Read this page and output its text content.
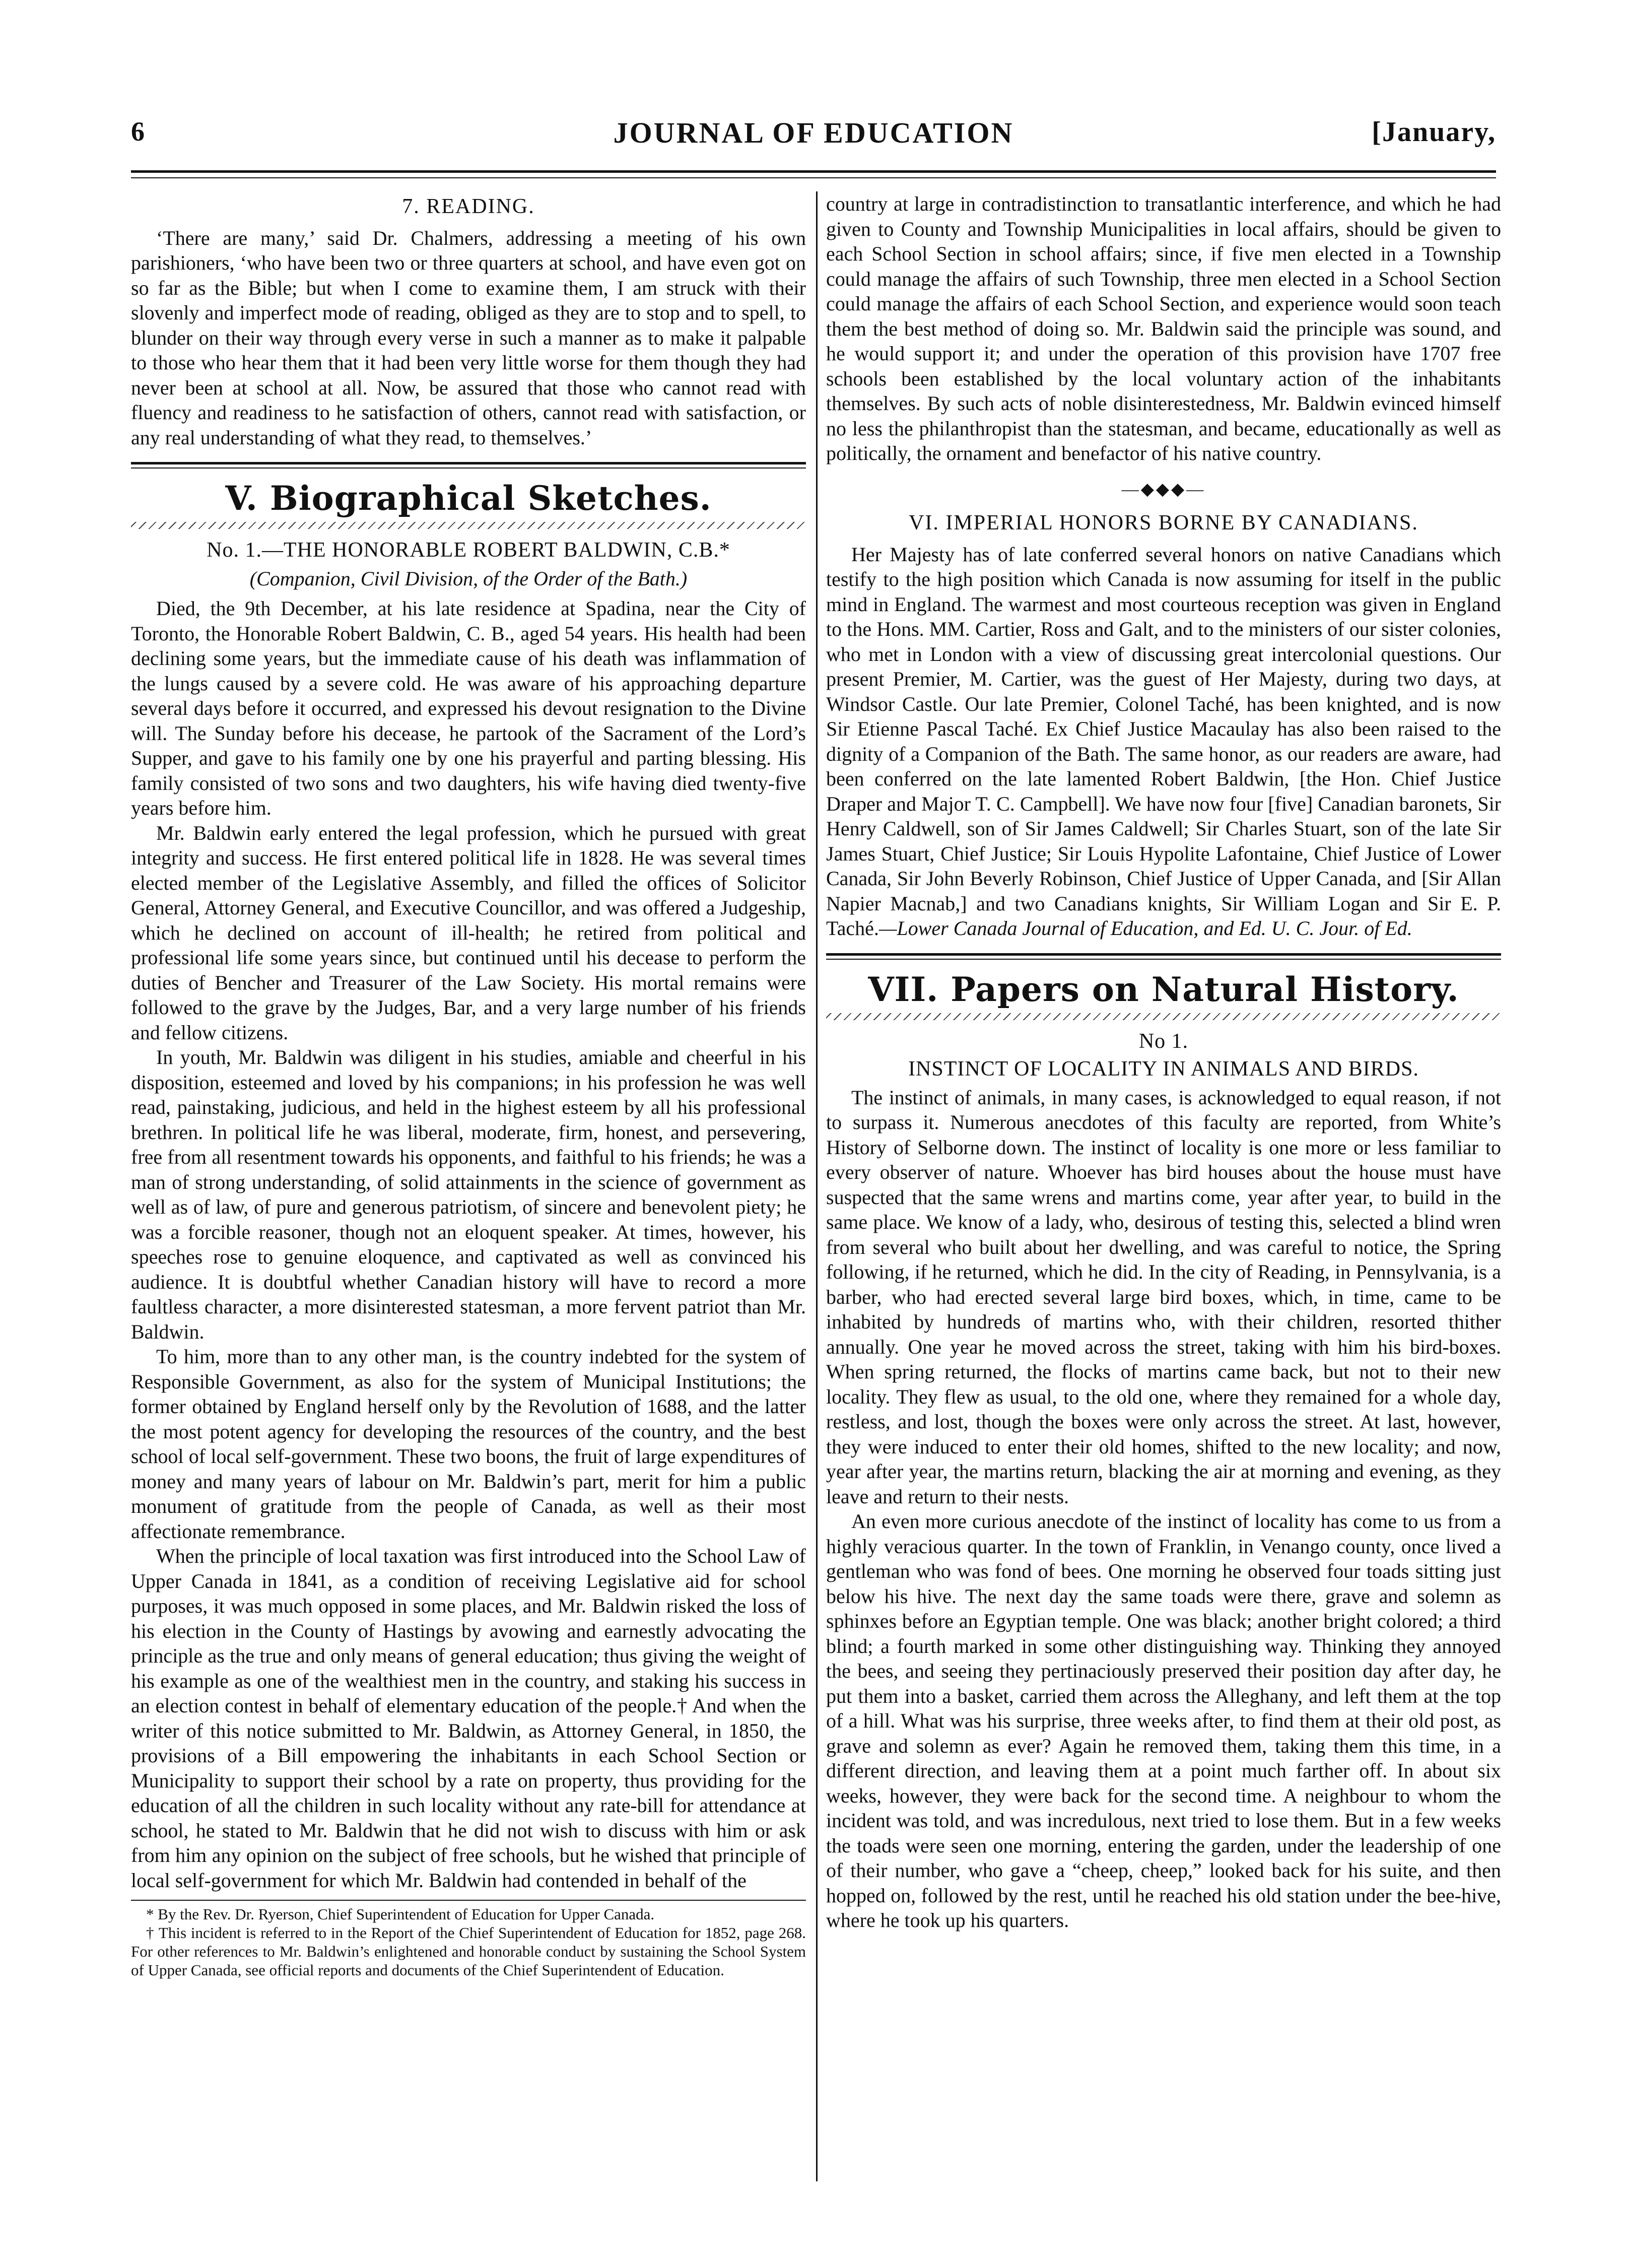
6	JOURNAL OF EDUCATION	[January,
7. READING.

‘There are many,’ said Dr. Chalmers, addressing a meeting of his own parishioners, ‘who have been two or three quarters at school, and have even got on so far as the Bible; but when I come to examine them, I am struck with their slovenly and imperfect mode of reading, obliged as they are to stop and to spell, to blunder on their way through every verse in such a manner as to make it palpable to those who hear them that it had been very little worse for them though they had never been at school at all. Now, be assured that those who cannot read with fluency and readiness to he satisfaction of others, cannot read with satisfaction, or any real understanding of what they read, to themselves.’

V. Biographical Sketches.
No. 1.—THE HONORABLE ROBERT BALDWIN, C.B.*
(Companion, Civil Division, of the Order of the Bath.)

Died, the 9th December, at his late residence at Spadina, near the City of Toronto, the Honorable Robert Baldwin, C. B., aged 54 years. His health had been declining some years, but the immediate cause of his death was inflammation of the lungs caused by a severe cold. He was aware of his approaching departure several days before it occurred, and expressed his devout resignation to the Divine will. The Sunday before his decease, he partook of the Sacrament of the Lord’s Supper, and gave to his family one by one his prayerful and parting blessing. His family consisted of two sons and two daughters, his wife having died twenty-five years before him.

Mr. Baldwin early entered the legal profession, which he pursued with great integrity and success. He first entered political life in 1828. He was several times elected member of the Legislative Assembly, and filled the offices of Solicitor General, Attorney General, and Executive Councillor, and was offered a Judgeship, which he declined on account of ill-health; he retired from political and professional life some years since, but continued until his decease to perform the duties of Bencher and Treasurer of the Law Society. His mortal remains were followed to the grave by the Judges, Bar, and a very large number of his friends and fellow citizens.

In youth, Mr. Baldwin was diligent in his studies, amiable and cheerful in his disposition, esteemed and loved by his companions; in his profession he was well read, painstaking, judicious, and held in the highest esteem by all his professional brethren. In political life he was liberal, moderate, firm, honest, and persevering, free from all resentment towards his opponents, and faithful to his friends; he was a man of strong understanding, of solid attainments in the science of government as well as of law, of pure and generous patriotism, of sincere and benevolent piety; he was a forcible reasoner, though not an eloquent speaker. At times, however, his speeches rose to genuine eloquence, and captivated as well as convinced his audience. It is doubtful whether Canadian history will have to record a more faultless character, a more disinterested statesman, a more fervent patriot than Mr. Baldwin.

To him, more than to any other man, is the country indebted for the system of Responsible Government, as also for the system of Municipal Institutions; the former obtained by England herself only by the Revolution of 1688, and the latter the most potent agency for developing the resources of the country, and the best school of local self-government. These two boons, the fruit of large expenditures of money and many years of labour on Mr. Baldwin’s part, merit for him a public monument of gratitude from the people of Canada, as well as their most affectionate remembrance.

When the principle of local taxation was first introduced into the School Law of Upper Canada in 1841, as a condition of receiving Legislative aid for school purposes, it was much opposed in some places, and Mr. Baldwin risked the loss of his election in the County of Hastings by avowing and earnestly advocating the principle as the true and only means of general education; thus giving the weight of his example as one of the wealthiest men in the country, and staking his success in an election contest in behalf of elementary education of the people.† And when the writer of this notice submitted to Mr. Baldwin, as Attorney General, in 1850, the provisions of a Bill empowering the inhabitants in each School Section or Municipality to support their school by a rate on property, thus providing for the education of all the children in such locality without any rate-bill for attendance at school, he stated to Mr. Baldwin that he did not wish to discuss with him or ask from him any opinion on the subject of free schools, but he wished that principle of local self-government for which Mr. Baldwin had contended in behalf of the

* By the Rev. Dr. Ryerson, Chief Superintendent of Education for Upper Canada.

† This incident is referred to in the Report of the Chief Superintendent of Education for 1852, page 268. For other references to Mr. Baldwin’s enlightened and honorable conduct by sustaining the School System of Upper Canada, see official reports and documents of the Chief Superintendent of Education.

country at large in contradistinction to transatlantic interference, and which he had given to County and Township Municipalities in local affairs, should be given to each School Section in school affairs; since, if five men elected in a Township could manage the affairs of such Township, three men elected in a School Section could manage the affairs of each School Section, and experience would soon teach them the best method of doing so. Mr. Baldwin said the principle was sound, and he would support it; and under the operation of this provision have 1707 free schools been established by the local voluntary action of the inhabitants themselves. By such acts of noble disinterestedness, Mr. Baldwin evinced himself no less the philanthropist than the statesman, and became, educationally as well as politically, the ornament and benefactor of his native country.

—◆◆◆—
VI. IMPERIAL HONORS BORNE BY CANADIANS.

Her Majesty has of late conferred several honors on native Canadians which testify to the high position which Canada is now assuming for itself in the public mind in England. The warmest and most courteous reception was given in England to the Hons. MM. Cartier, Ross and Galt, and to the ministers of our sister colonies, who met in London with a view of discussing great intercolonial questions. Our present Premier, M. Cartier, was the guest of Her Majesty, during two days, at Windsor Castle. Our late Premier, Colonel Taché, has been knighted, and is now Sir Etienne Pascal Taché. Ex Chief Justice Macaulay has also been raised to the dignity of a Companion of the Bath. The same honor, as our readers are aware, had been conferred on the late lamented Robert Baldwin, [the Hon. Chief Justice Draper and Major T. C. Campbell]. We have now four [five] Canadian baronets, Sir Henry Caldwell, son of Sir James Caldwell; Sir Charles Stuart, son of the late Sir James Stuart, Chief Justice; Sir Louis Hypolite Lafontaine, Chief Justice of Lower Canada, Sir John Beverly Robinson, Chief Justice of Upper Canada, and [Sir Allan Napier Macnab,] and two Canadians knights, Sir William Logan and Sir E. P. Taché.—Lower Canada Journal of Education, and Ed. U. C. Jour. of Ed.

VII. Papers on Natural History.
No 1.
INSTINCT OF LOCALITY IN ANIMALS AND BIRDS.

The instinct of animals, in many cases, is acknowledged to equal reason, if not to surpass it. Numerous anecdotes of this faculty are reported, from White’s History of Selborne down. The instinct of locality is one more or less familiar to every observer of nature. Whoever has bird houses about the house must have suspected that the same wrens and martins come, year after year, to build in the same place. We know of a lady, who, desirous of testing this, selected a blind wren from several who built about her dwelling, and was careful to notice, the Spring following, if he returned, which he did. In the city of Reading, in Pennsylvania, is a barber, who had erected several large bird boxes, which, in time, came to be inhabited by hundreds of martins who, with their children, resorted thither annually. One year he moved across the street, taking with him his bird-boxes. When spring returned, the flocks of martins came back, but not to their new locality. They flew as usual, to the old one, where they remained for a whole day, restless, and lost, though the boxes were only across the street. At last, however, they were induced to enter their old homes, shifted to the new locality; and now, year after year, the martins return, blacking the air at morning and evening, as they leave and return to their nests.

An even more curious anecdote of the instinct of locality has come to us from a highly veracious quarter. In the town of Franklin, in Venango county, once lived a gentleman who was fond of bees. One morning he observed four toads sitting just below his hive. The next day the same toads were there, grave and solemn as sphinxes before an Egyptian temple. One was black; another bright colored; a third blind; a fourth marked in some other distinguishing way. Thinking they annoyed the bees, and seeing they pertinaciously preserved their position day after day, he put them into a basket, carried them across the Alleghany, and left them at the top of a hill. What was his surprise, three weeks after, to find them at their old post, as grave and solemn as ever? Again he removed them, taking them this time, in a different direction, and leaving them at a point much farther off. In about six weeks, however, they were back for the second time. A neighbour to whom the incident was told, and was incredulous, next tried to lose them. But in a few weeks the toads were seen one morning, entering the garden, under the leadership of one of their number, who gave a “cheep, cheep,” looked back for his suite, and then hopped on, followed by the rest, until he reached his old station under the bee-hive, where he took up his quarters.
